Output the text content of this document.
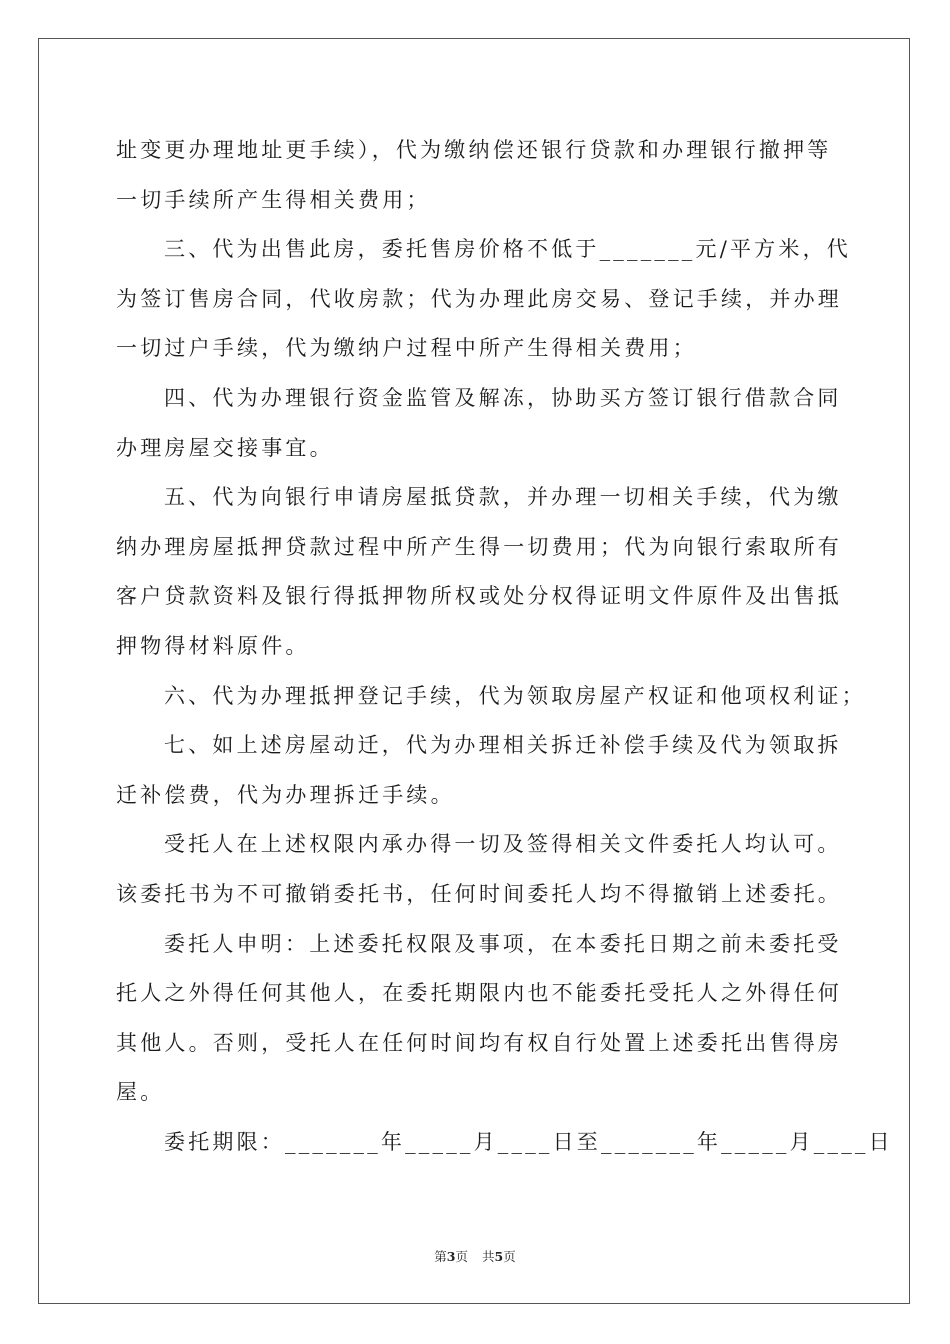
址变更办理地址更手续），代为缴纳偿还银行贷款和办理银行撤押等
一切手续所产生得相关费用；
三、代为出售此房，委托售房价格不低于_______元/平方米，代
为签订售房合同，代收房款；代为办理此房交易、登记手续，并办理
一切过户手续，代为缴纳户过程中所产生得相关费用；
四、代为办理银行资金监管及解冻，协助买方签订银行借款合同
办理房屋交接事宜。
五、代为向银行申请房屋抵贷款，并办理一切相关手续，代为缴
纳办理房屋抵押贷款过程中所产生得一切费用；代为向银行索取所有
客户贷款资料及银行得抵押物所权或处分权得证明文件原件及出售抵
押物得材料原件。
六、代为办理抵押登记手续，代为领取房屋产权证和他项权利证；
七、如上述房屋动迁，代为办理相关拆迁补偿手续及代为领取拆
迁补偿费，代为办理拆迁手续。
受托人在上述权限内承办得一切及签得相关文件委托人均认可。
该委托书为不可撤销委托书，任何时间委托人均不得撤销上述委托。
委托人申明：上述委托权限及事项，在本委托日期之前未委托受
托人之外得任何其他人，在委托期限内也不能委托受托人之外得任何
其他人。否则，受托人在任何时间均有权自行处置上述委托出售得房
屋。
委托期限：_______年_____月____日至_______年_____月____日
第3页 共5页
